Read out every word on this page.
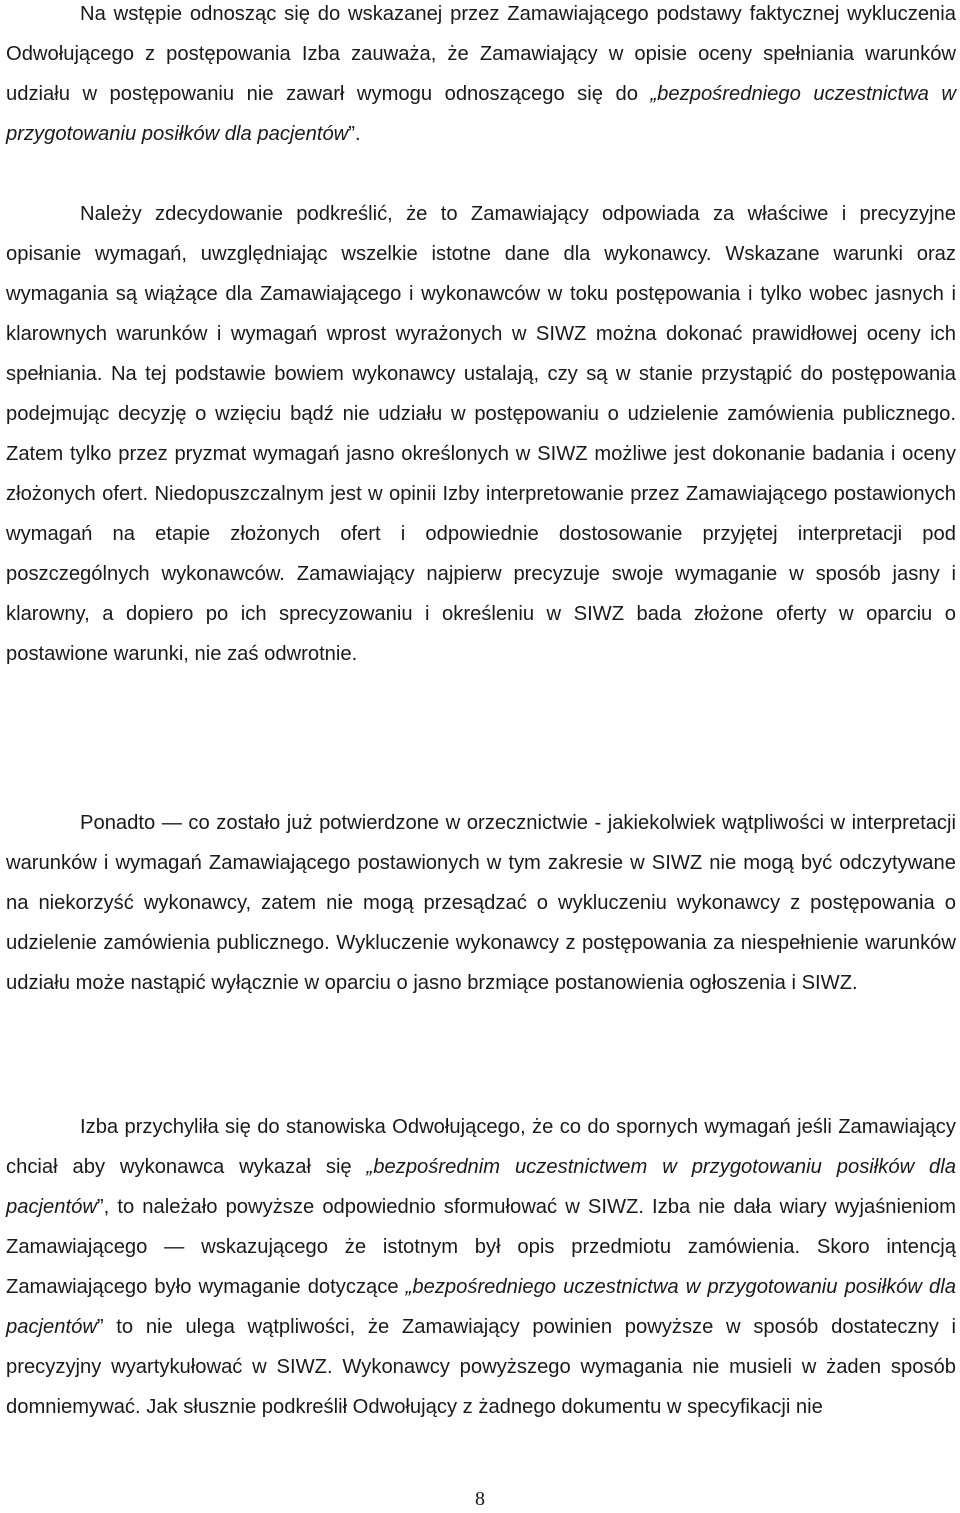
Na wstępie odnosząc się do wskazanej przez Zamawiającego podstawy faktycznej wykluczenia Odwołującego z postępowania Izba zauważa, że Zamawiający w opisie oceny spełniania warunków udziału w postępowaniu nie zawarł wymogu odnoszącego się do „bezpośredniego uczestnictwa w przygotowaniu posiłków dla pacjentów”.

Należy zdecydowanie podkreślić, że to Zamawiający odpowiada za właściwe i precyzyjne opisanie wymagań, uwzględniając wszelkie istotne dane dla wykonawcy. Wskazane warunki oraz wymagania są wiążące dla Zamawiającego i wykonawców w toku postępowania i tylko wobec jasnych i klarownych warunków i wymagań wprost wyrażonych w SIWZ można dokonać prawidłowej oceny ich spełniania. Na tej podstawie bowiem wykonawcy ustalają, czy są w stanie przystąpić do postępowania podejmując decyzję o wzięciu bądź nie udziału w postępowaniu o udzielenie zamówienia publicznego. Zatem tylko przez pryzmat wymagań jasno określonych w SIWZ możliwe jest dokonanie badania i oceny złożonych ofert. Niedopuszczalnym jest w opinii Izby interpretowanie przez Zamawiającego postawionych wymagań na etapie złożonych ofert i odpowiednie dostosowanie przyjętej interpretacji pod poszczególnych wykonawców. Zamawiający najpierw precyzuje swoje wymaganie w sposób jasny i klarowny, a dopiero po ich sprecyzowaniu i określeniu w SIWZ bada złożone oferty w oparciu o postawione warunki, nie zaś odwrotnie.

Ponadto — co zostało już potwierdzone w orzecznictwie - jakiekolwiek wątpliwości w interpretacji warunków i wymagań Zamawiającego postawionych w tym zakresie w SIWZ nie mogą być odczytywane na niekorzyść wykonawcy, zatem nie mogą przesądzać o wykluczeniu wykonawcy z postępowania o udzielenie zamówienia publicznego. Wykluczenie wykonawcy z postępowania za niespełnienie warunków udziału może nastąpić wyłącznie w oparciu o jasno brzmiące postanowienia ogłoszenia i SIWZ.

Izba przychyliła się do stanowiska Odwołującego, że co do spornych wymagań jeśli Zamawiający chciał aby wykonawca wykazał się „bezpośrednim uczestnictwem w przygotowaniu posiłków dla pacjentów”, to należało powyższe odpowiednio sformułować w SIWZ. Izba nie dała wiary wyjaśnieniom Zamawiającego — wskazującego że istotnym był opis przedmiotu zamówienia. Skoro intencją Zamawiającego było wymaganie dotyczące „bezpośredniego uczestnictwa w przygotowaniu posiłków dla pacjentów” to nie ulega wątpliwości, że Zamawiający powinien powyższe w sposób dostateczny i precyzyjny wyartykułować w SIWZ. Wykonawcy powyższego wymagania nie musieli w żaden sposób domniemywać. Jak słusznie podkreślił Odwołujący z żadnego dokumentu w specyfikacji nie

8
